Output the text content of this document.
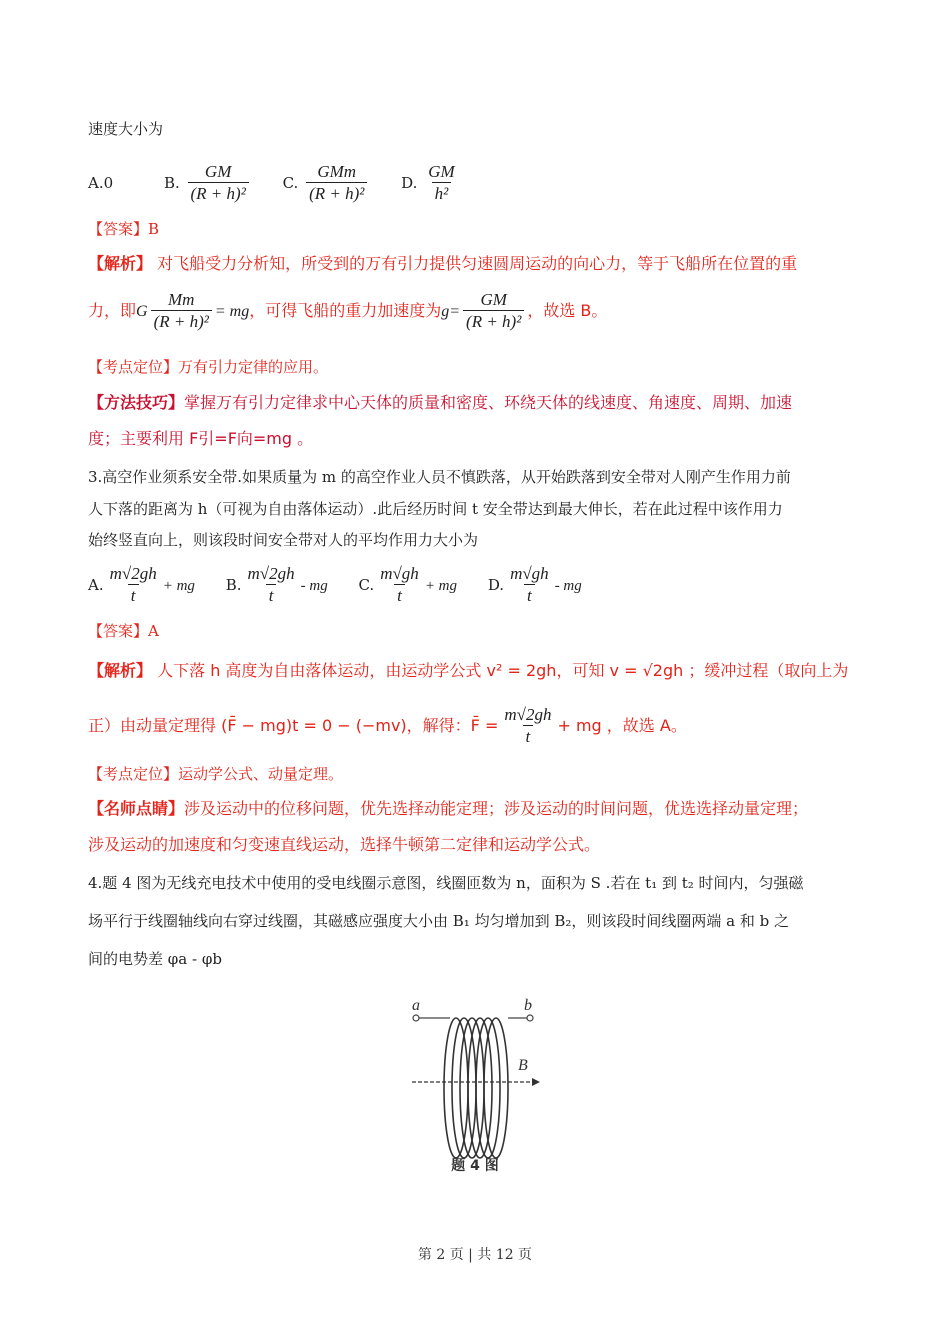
速度大小为
A.0	B. $\frac{GM}{\text{(R + h)²}} C$. $\frac{\text{GMm}}{\text{(R + h)²}} D$. $\frac{GM}{\text{h²}}$
【答案】B
【解析】 对飞船受力分析知，所受到的万有引力提供匀速圆周运动的向心力，等于飞船所在位置的重
力，即G $\frac{Mm}{\text{(R + h)²}}$ = mg，可得飞船的重力加速度为$g= \frac{GM}{\text{(R + h)²}}$ ，故选 B。
【考点定位】万有引力定律的应用。
【方法技巧】掌握万有引力定律求中心天体的质量和密度、环绕天体的线速度、角速度、周期、加速
度；主要利用 F引=F向=mg 。
3.高空作业须系安全带.如果质量为 m 的高空作业人员不慎跌落，从开始跌落到安全带对人刚产生作用力前
人下落的距离为 h（可视为自由落体运动）.此后经历时间 t 安全带达到最大伸长，若在此过程中该作用力
始终竖直向上，则该段时间安全带对人的平均作用力大小为
A. $\frac{m√2gh}{t}$ + mg B. $\frac{m√2gh}{t}$ - mg C. $\frac{m√gh}{t}$ + mg D. $\frac{m√gh}{t}$ - mg
【答案】A
【解析】 人下落 h 高度为自由落体运动，由运动学公式 v² = 2gh，可知 v = √2gh ；缓冲过程（取向上为
正）由动量定理得 (F̄ − mg)t = 0 − (−mv)，解得：F̄ = $\frac{m√2gh}{t}$ + mg ，故选 A。
【考点定位】运动学公式、动量定理。
【名师点睛】涉及运动中的位移问题，优先选择动能定理；涉及运动的时间问题，优选选择动量定理；
涉及运动的加速度和匀变速直线运动，选择牛顿第二定律和运动学公式。
4.题 4 图为无线充电技术中使用的受电线圈示意图，线圈匝数为 n，面积为 S .若在 t₁ 到 t₂ 时间内，匀强磁
场平行于线圈轴线向右穿过线圈，其磁感应强度大小由 B₁ 均匀增加到 B₂，则该段时间线圈两端 a 和 b 之
间的电势差 φa - φb
B
a	b
题 4 图
第 2 页 | 共 12 页
